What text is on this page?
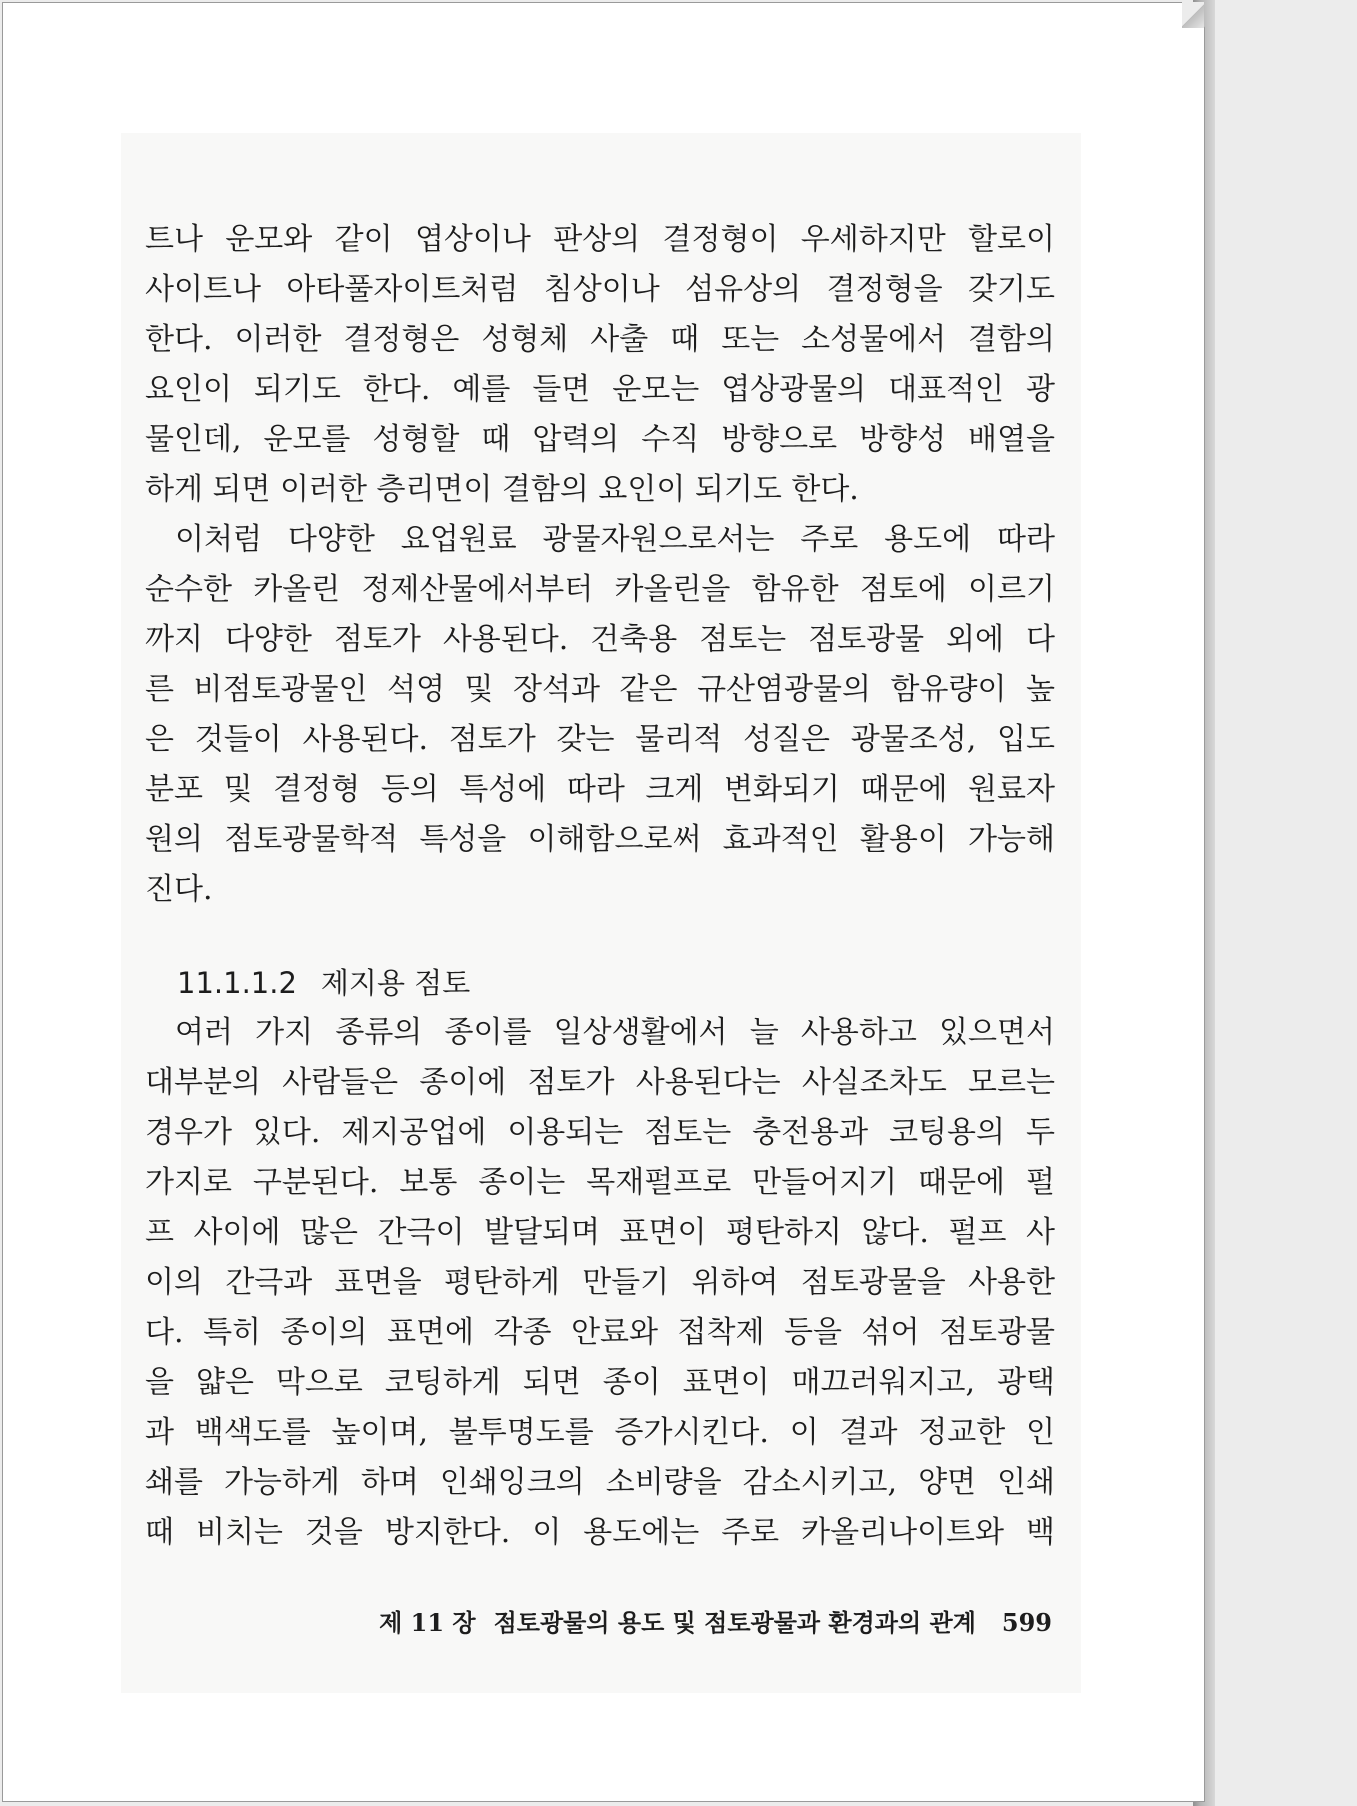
트나 운모와 같이 엽상이나 판상의 결정형이 우세하지만 할로이
사이트나 아타풀자이트처럼 침상이나 섬유상의 결정형을 갖기도
한다. 이러한 결정형은 성형체 사출 때 또는 소성물에서 결함의
요인이 되기도 한다. 예를 들면 운모는 엽상광물의 대표적인 광
물인데, 운모를 성형할 때 압력의 수직 방향으로 방향성 배열을
하게 되면 이러한 층리면이 결함의 요인이 되기도 한다.
이처럼 다양한 요업원료 광물자원으로서는 주로 용도에 따라
순수한 카올린 정제산물에서부터 카올린을 함유한 점토에 이르기
까지 다양한 점토가 사용된다. 건축용 점토는 점토광물 외에 다
른 비점토광물인 석영 및 장석과 같은 규산염광물의 함유량이 높
은 것들이 사용된다. 점토가 갖는 물리적 성질은 광물조성, 입도
분포 및 결정형 등의 특성에 따라 크게 변화되기 때문에 원료자
원의 점토광물학적 특성을 이해함으로써 효과적인 활용이 가능해
진다.
11.1.1.2 제지용 점토
여러 가지 종류의 종이를 일상생활에서 늘 사용하고 있으면서
대부분의 사람들은 종이에 점토가 사용된다는 사실조차도 모르는
경우가 있다. 제지공업에 이용되는 점토는 충전용과 코팅용의 두
가지로 구분된다. 보통 종이는 목재펄프로 만들어지기 때문에 펄
프 사이에 많은 간극이 발달되며 표면이 평탄하지 않다. 펄프 사
이의 간극과 표면을 평탄하게 만들기 위하여 점토광물을 사용한
다. 특히 종이의 표면에 각종 안료와 접착제 등을 섞어 점토광물
을 얇은 막으로 코팅하게 되면 종이 표면이 매끄러워지고, 광택
과 백색도를 높이며, 불투명도를 증가시킨다. 이 결과 정교한 인
쇄를 가능하게 하며 인쇄잉크의 소비량을 감소시키고, 양면 인쇄
때 비치는 것을 방지한다. 이 용도에는 주로 카올리나이트와 백
제 11 장 점토광물의 용도 및 점토광물과 환경과의 관계 599
